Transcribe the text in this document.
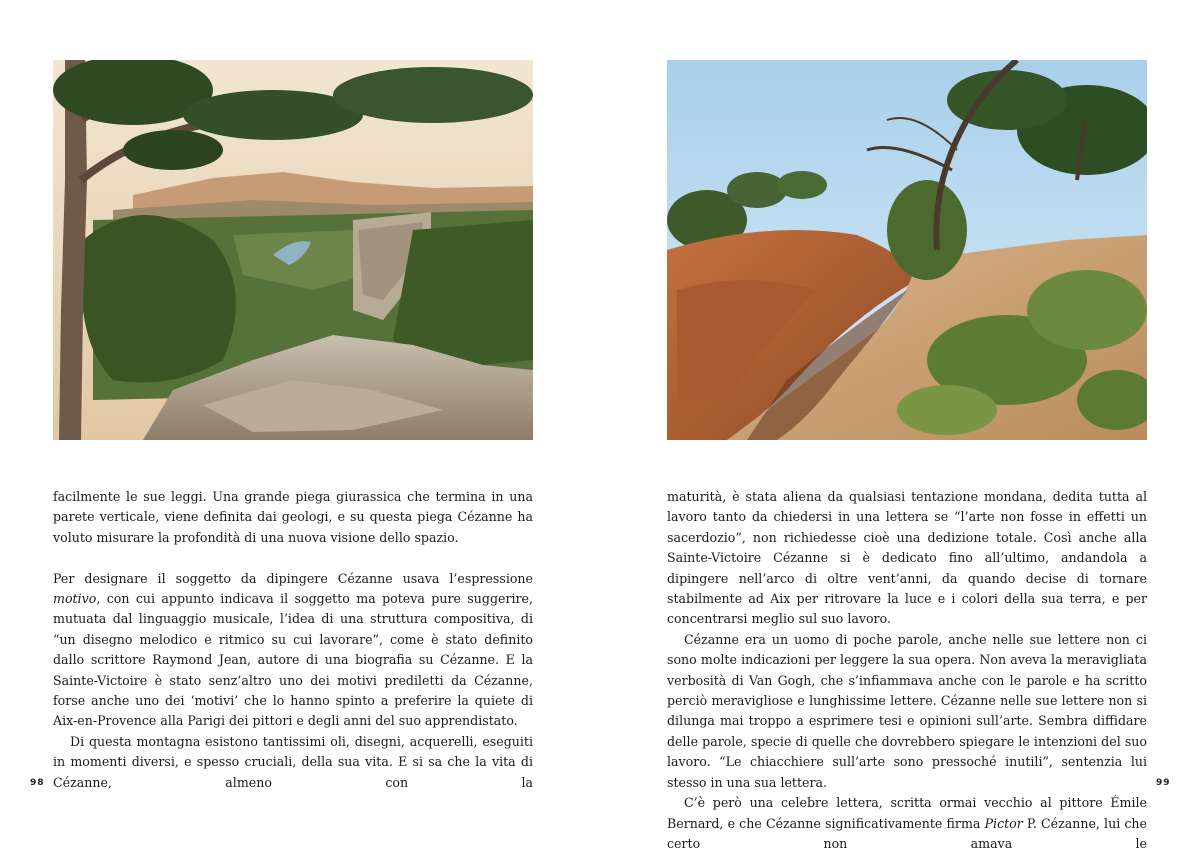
facilmente le sue leggi. Una grande piega giurassica che termina in una parete verticale, viene definita dai geologi, e su questa piega Cézanne ha voluto misurare la profondità di una nuova visione dello spazio.

Per designare il soggetto da dipingere Cézanne usava l’espressione motivo, con cui appunto indicava il soggetto ma poteva pure suggerire, mutuata dal linguaggio musicale, l’idea di una struttura compositiva, di “un disegno melodico e ritmico su cui lavorare”, come è stato definito dallo scrittore Raymond Jean, autore di una biografia su Cézanne. E la Sainte-Victoire è stato senz’altro uno dei motivi prediletti da Cézanne, forse anche uno dei ‘motivi’ che lo hanno spinto a preferire la quiete di Aix-en-Provence alla Parigi dei pittori e degli anni del suo apprendistato.

Di questa montagna esistono tantissimi oli, disegni, acquerelli, eseguiti in momenti diversi, e spesso cruciali, della sua vita. E si sa che la vita di Cézanne, almeno con la

maturità, è stata aliena da qualsiasi tentazione mondana, dedita tutta al lavoro tanto da chiedersi in una lettera se “l’arte non fosse in effetti un sacerdozio”, non richiedesse cioè una dedizione totale. Così anche alla Sainte-Victoire Cézanne si è dedicato fino all’ultimo, andandola a dipingere nell’arco di oltre vent’anni, da quando decise di tornare stabilmente ad Aix per ritrovare la luce e i colori della sua terra, e per concentrarsi meglio sul suo lavoro.

Cézanne era un uomo di poche parole, anche nelle sue lettere non ci sono molte indicazioni per leggere la sua opera. Non aveva la meravigliata verbosità di Van Gogh, che s’infiammava anche con le parole e ha scritto perciò meravigliose e lunghissime lettere. Cézanne nelle sue lettere non si dilunga mai troppo a esprimere tesi e opinioni sull’arte. Sembra diffidare delle parole, specie di quelle che dovrebbero spiegare le intenzioni del suo lavoro. “Le chiacchiere sull’arte sono pressoché inutili”, sentenzia lui stesso in una sua lettera.

C’è però una celebre lettera, scritta ormai vecchio al pittore Émile Bernard, e che Cézanne significativamente firma Pictor P. Cézanne, lui che certo non amava le

98	99
